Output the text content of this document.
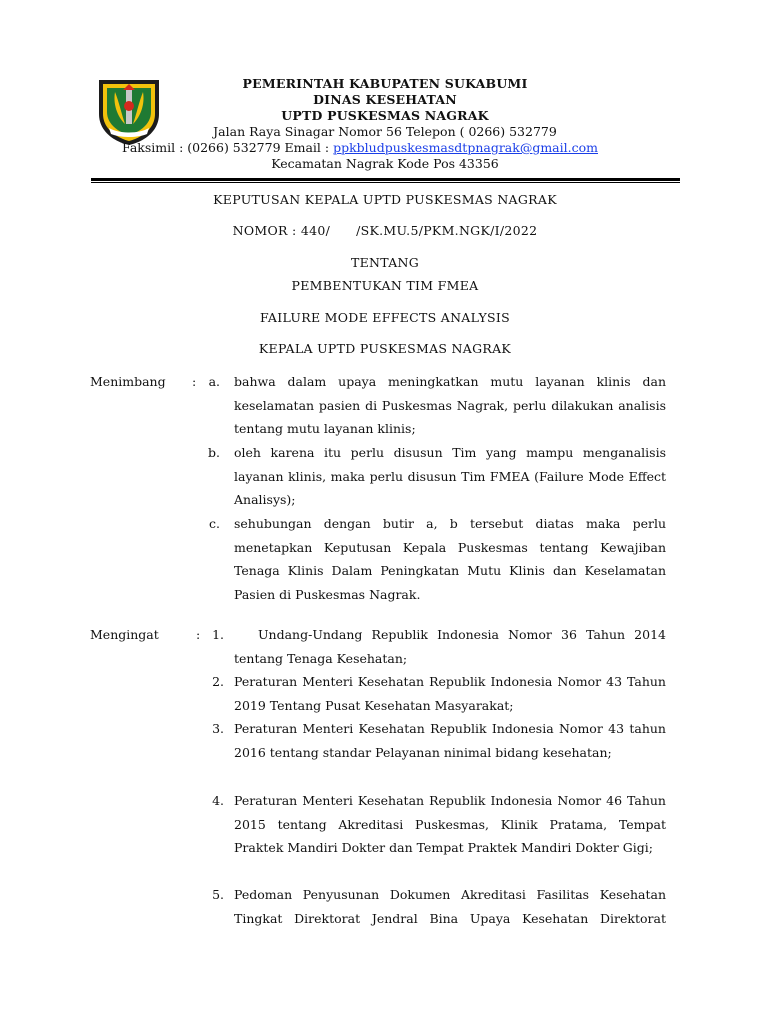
PEMERINTAH KABUPATEN SUKABUMI
DINAS KESEHATAN
UPTD PUSKESMAS NAGRAK
Jalan Raya Sinagar Nomor 56 Telepon ( 0266) 532779
Faksimil : (0266) 532779 Email : ppkbludpuskesmasdtpnagrak@gmail.com
Kecamatan Nagrak Kode Pos 43356
KEPUTUSAN KEPALA UPTD PUSKESMAS NAGRAK
NOMOR : 440/ /SK.MU.5/PKM.NGK/I/2022
TENTANG
PEMBENTUKAN TIM FMEA
FAILURE MODE EFFECTS ANALYSIS
KEPALA UPTD PUSKESMAS NAGRAK
Menimbang : a. bahwa dalam upaya meningkatkan mutu layanan klinis dan keselamatan pasien di Puskesmas Nagrak, perlu dilakukan analisis tentang mutu layanan klinis;
b. oleh karena itu perlu disusun Tim yang mampu menganalisis layanan klinis, maka perlu disusun Tim FMEA (Failure Mode Effect Analisys);
c. sehubungan dengan butir a, b tersebut diatas maka perlu menetapkan Keputusan Kepala Puskesmas tentang Kewajiban Tenaga Klinis Dalam Peningkatan Mutu Klinis dan Keselamatan Pasien di Puskesmas Nagrak.
Mengingat	: 1.	Undang-Undang Republik Indonesia Nomor 36 Tahun 2014 tentang Tenaga Kesehatan;
2. Peraturan Menteri Kesehatan Republik Indonesia Nomor 43 Tahun 2019 Tentang Pusat Kesehatan Masyarakat;
3. Peraturan Menteri Kesehatan Republik Indonesia Nomor 43 tahun 2016 tentang standar Pelayanan ninimal bidang kesehatan;
4. Peraturan Menteri Kesehatan Republik Indonesia Nomor 46 Tahun 2015 tentang Akreditasi Puskesmas, Klinik Pratama, Tempat Praktek Mandiri Dokter dan Tempat Praktek Mandiri Dokter Gigi;
5. Pedoman Penyusunan Dokumen Akreditasi Fasilitas Kesehatan Tingkat Direktorat Jendral Bina Upaya Kesehatan Direktorat
